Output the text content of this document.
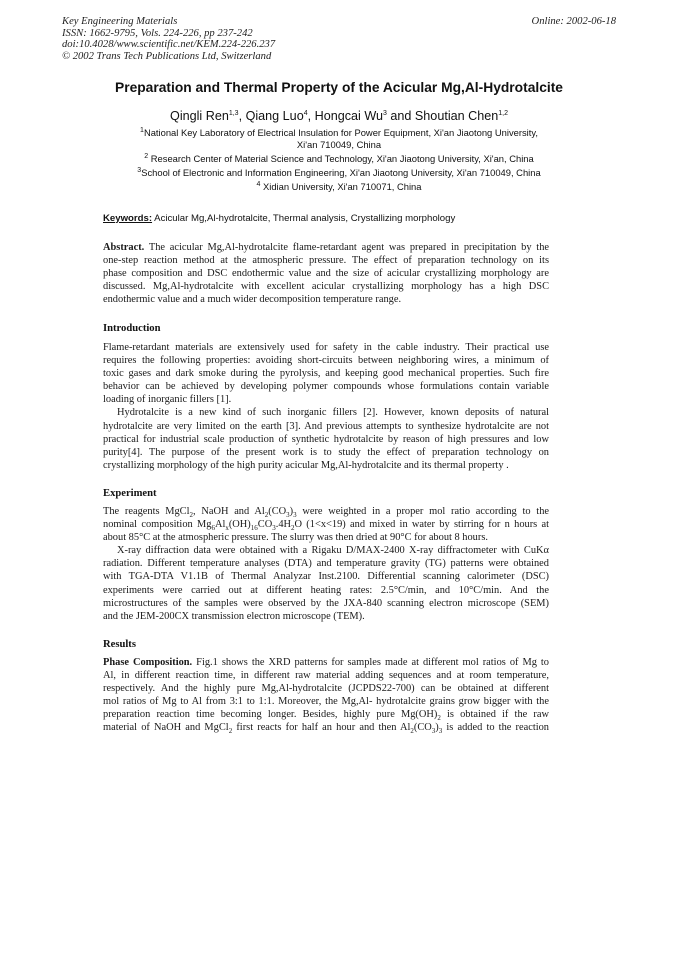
Key Engineering Materials
ISSN: 1662-9795, Vols. 224-226, pp 237-242
doi:10.4028/www.scientific.net/KEM.224-226.237
© 2002 Trans Tech Publications Ltd, Switzerland
Online: 2002-06-18
Preparation and Thermal Property of the Acicular Mg,Al-Hydrotalcite
Qingli Ren$^{1,3}$, Qiang Luo$^4$, Hongcai Wu$^3$ and Shoutian Chen$^{1,2}$
$^1$National Key Laboratory of Electrical Insulation for Power Equipment, Xi'an Jiaotong University,
Xi'an 710049, China
$^2$ Research Center of Material Science and Technology, Xi'an Jiaotong University, Xi'an, China
$^3$School of Electronic and Information Engineering, Xi'an Jiaotong University, Xi'an 710049, China
$^4$ Xidian University, Xi'an 710071, China
Keywords: Acicular Mg,Al-hydrotalcite, Thermal analysis, Crystallizing morphology
Abstract. The acicular Mg,Al-hydrotalcite flame-retardant agent was prepared in precipitation by the
one-step reaction method at the atmospheric pressure. The effect of preparation technology on its
phase composition and DSC endothermic value and the size of acicular crystallizing morphology are
discussed. Mg,Al-hydrotalcite with excellent acicular crystallizing morphology has a high DSC
endothermic value and a much wider decomposition temperature range.
Introduction
Flame-retardant materials are extensively used for safety in the cable industry. Their practical use
requires the following properties: avoiding short-circuits between neighboring wires, a minimum of
toxic gases and dark smoke during the pyrolysis, and keeping good mechanical properties. Such fire
behavior can be achieved by developing polymer compounds whose formulations contain variable
loading of inorganic fillers [1].
Hydrotalcite is a new kind of such inorganic fillers [2]. However, known deposits of natural
hydrotalcite are very limited on the earth [3]. And previous attempts to synthesize hydrotalcite are not
practical for industrial scale production of synthetic hydrotalcite by reason of high pressures and low
purity[4]. The purpose of the present work is to study the effect of preparation technology on
crystallizing morphology of the high purity acicular Mg,Al-hydrotalcite and its thermal property .
Experiment
The reagents MgCl$_2$, NaOH and $Al_2(CO_3)_3$ were weighted in a proper mol ratio according to the
nominal composition $Mg_6Al_x(OH)_{16}CO_3.4H_2O$ (1<x<19) and mixed in water by stirring for n hours at
about 85°C at the atmospheric pressure. The slurry was then dried at 90°C for about 8 hours.
X-ray diffraction data were obtained with a Rigaku D/MAX-2400 X-ray diffractometer with CuKα
radiation. Different temperature analyses (DTA) and temperature gravity (TG) patterns were obtained
with TGA-DTA V1.1B of Thermal Analyzar Inst.2100. Differential scanning calorimeter (DSC)
experiments were carried out at different heating rates: 2.5°C/min, and 10°C/min. And the
microstructures of the samples were observed by the JXA-840 scanning electron microscope (SEM)
and the JEM-200CX transmission electron microscope (TEM).
Results
Phase Composition. Fig.1 shows the XRD patterns for samples made at different mol ratios of Mg to
Al, in different reaction time, in different raw material adding sequences and at room temperature,
respectively. And the highly pure Mg,Al-hydrotalcite (JCPDS22-700) can be obtained at different
mol ratios of Mg to Al from 3:1 to 1:1. Moreover, the Mg,Al- hydrotalcite grains grow bigger with the
preparation reaction time becoming longer. Besides, highly pure $Mg(OH)_2$ is obtained if the raw
material of NaOH and MgCl$_2$ first reacts for half an hour and then $Al_2(CO_3)_3$ is added to the reaction
